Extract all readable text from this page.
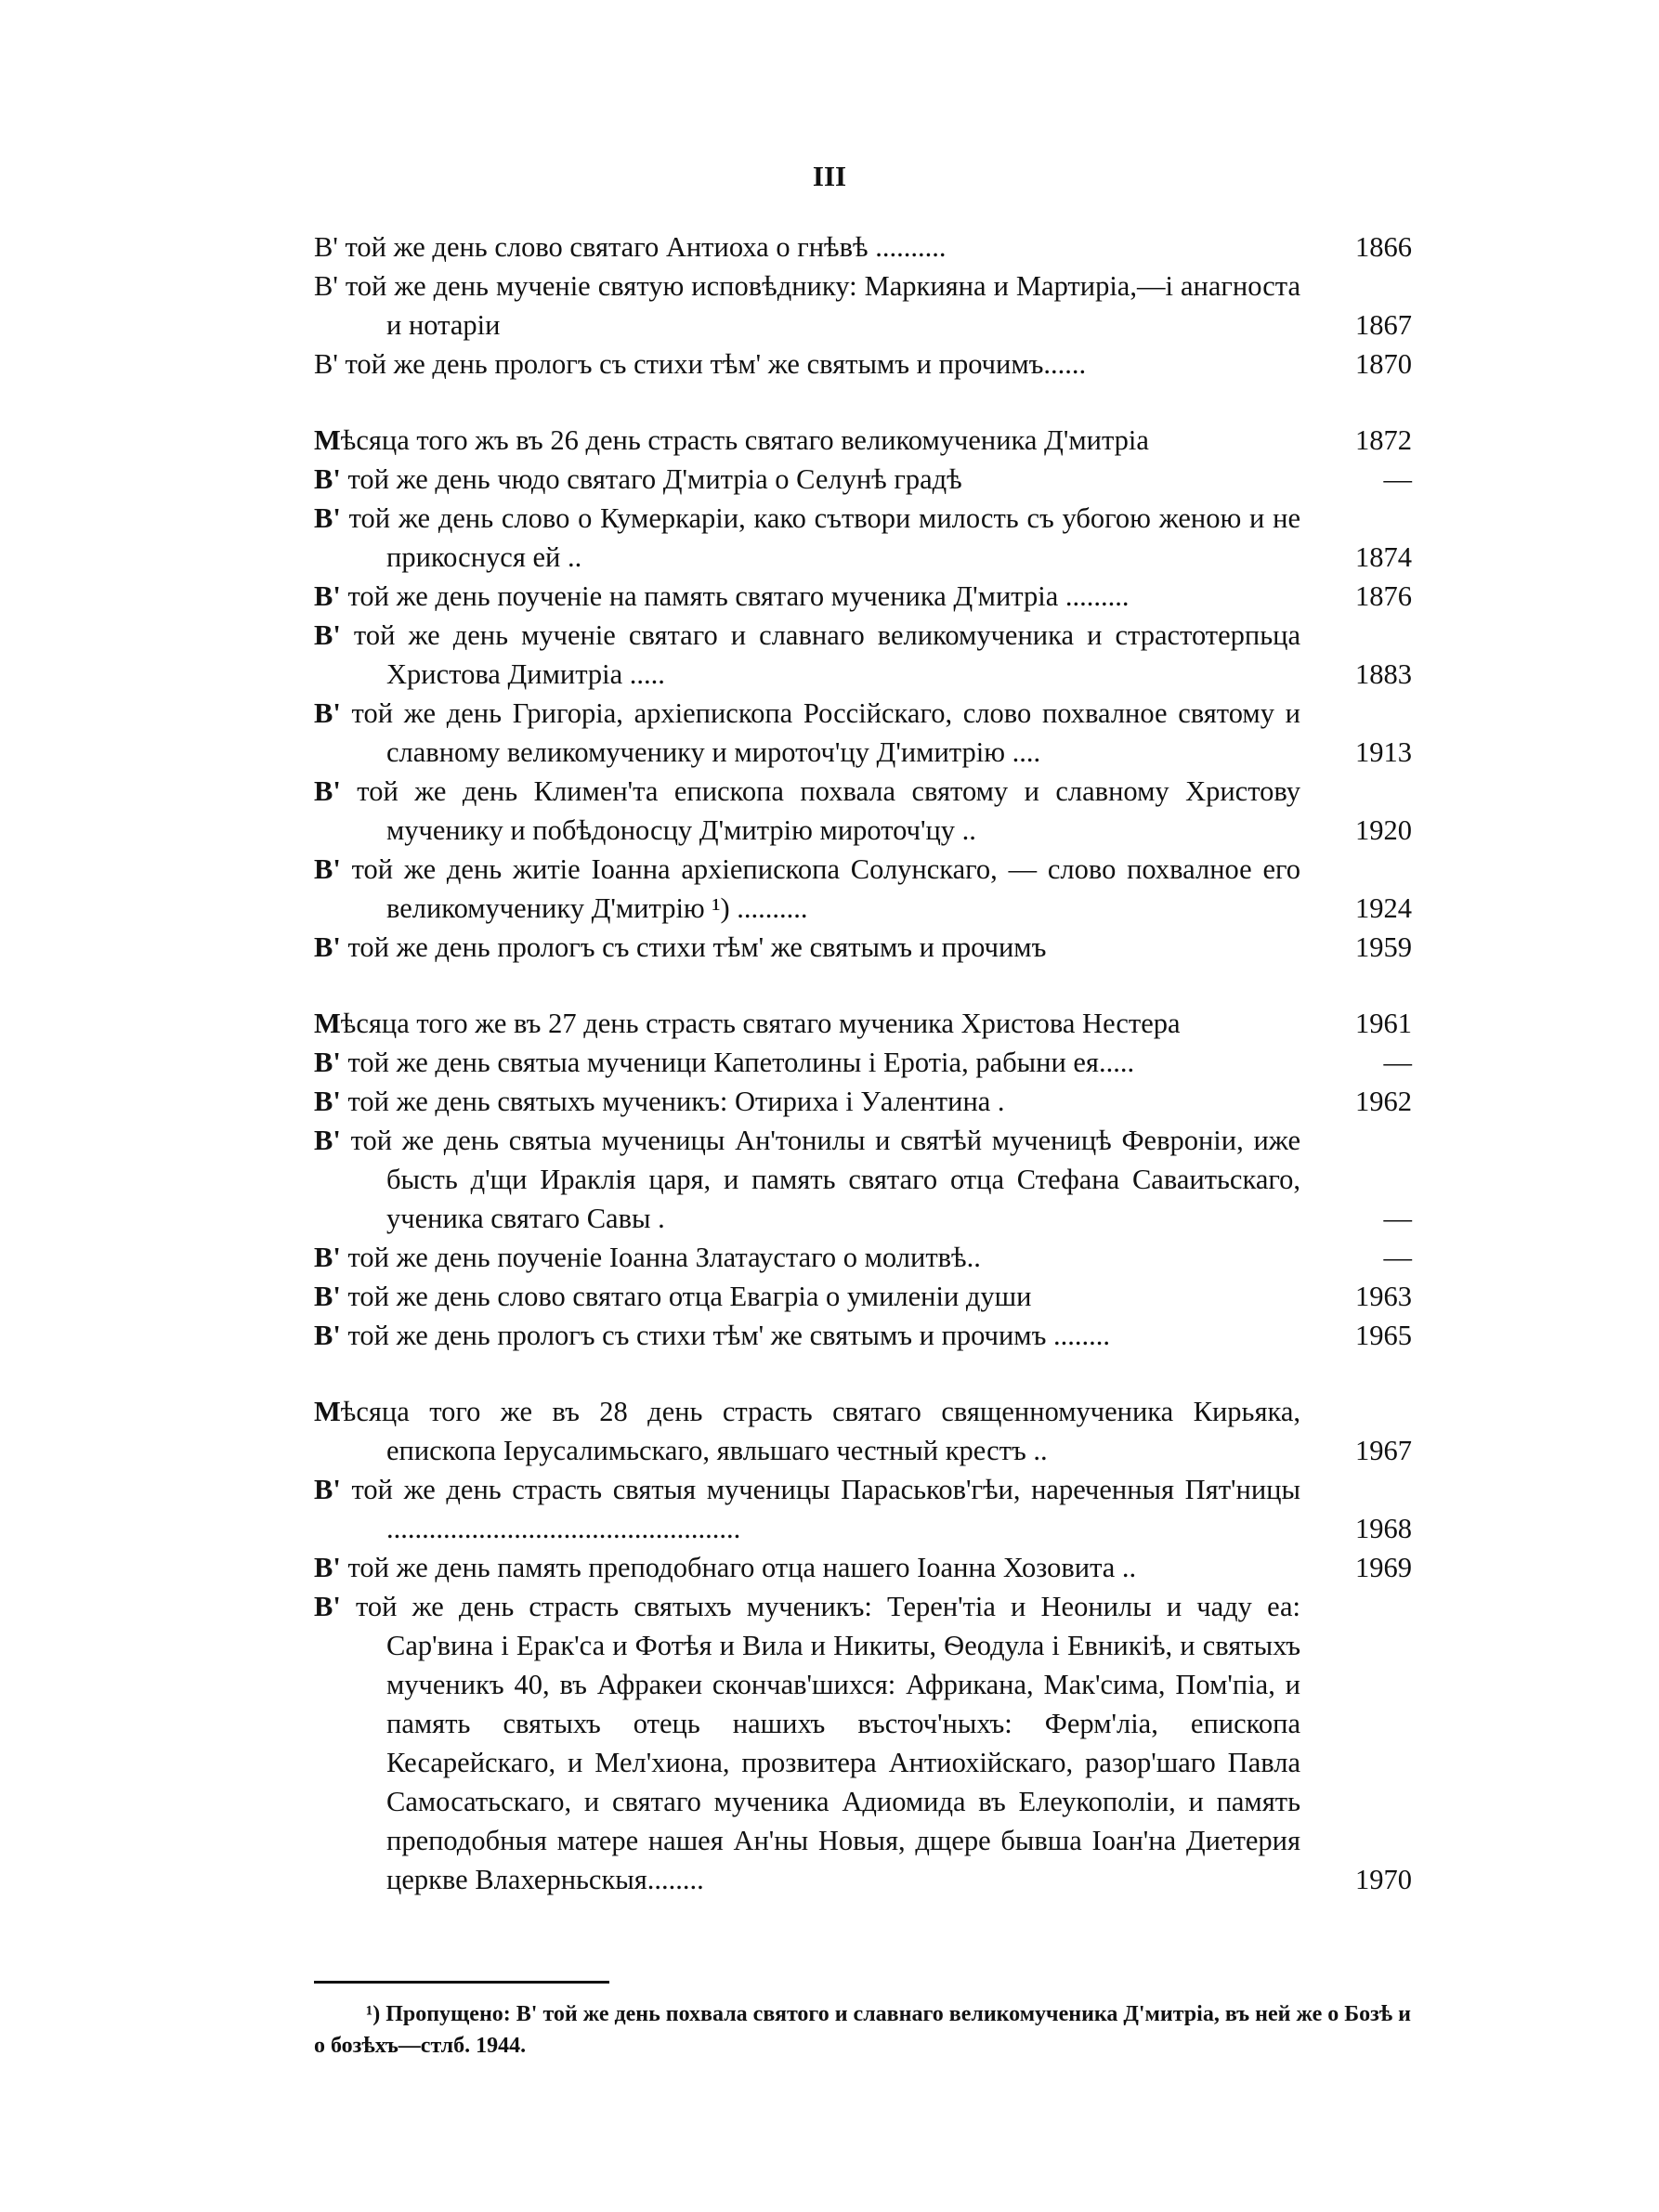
III
В' той же день слово святаго Антиоха о гнѣвѣ ..........	1866
В' той же день мученіе святую исповѣднику: Маркияна и Мартиріа,—і анагноста и нотарiи	1867
В' той же день прологъ съ стихи тѣм' же святымъ и прочимъ......	1870
Мѣсяца того жъ въ 26 день страсть святаго великомученика Д'митріа	1872
В' той же день чюдо святаго Д'митріа о Селунѣ градѣ	—
В' той же день слово о Кумеркаріи, како сътвори милость съ убогою женою и не прикоснуся ей ..	1874
В' той же день поученіе на память святаго мученика Д'митріа .........	1876
В' той же день мученіе святаго и славнаго великомученика и страстотерпьца Христова Димитріа .....	1883
В' той же день Григоріа, архіепископа Россійскаго, слово похвалное святому и славному великомученику и мироточ'цу Д'имитрію ....	1913
В' той же день Климен'та епископа похвала святому и славному Христову мученику и побѣдоносцу Д'митрію мироточ'цу ..	1920
В' той же день житіе Іоанна архіепископа Солунскаго, — слово похвалное его великомученику Д'митрію ¹) ..........	1924
В' той же день прологъ съ стихи тѣм' же святымъ и прочимъ	1959
Мѣсяца того же въ 27 день страсть святаго мученика Христова Нестера	1961
В' той же день святыа мученици Капетолины і Еротіа, рабыни ея.....	—
В' той же день святыхъ мученикъ: Отириха і Уалентина .	1962
В' той же день святыа мученицы Ан'тонилы и святѣй мученицѣ Февроніи, иже бысть д'щи Ираклія царя, и память святаго отца Стефана Саваитьскаго, ученика святаго Савы .	—
В' той же день поученіе Іоанна Златаустаго о молитвѣ..	—
В' той же день слово святаго отца Евагріа о умиленіи души	1963
В' той же день прологъ съ стихи тѣм' же святымъ и прочимъ ........	1965
Мѣсяца того же въ 28 день страсть святаго священномученика Кирьяка, епископа Іерусалимьскаго, явльшаго честный крестъ ..	1967
В' той же день страсть святыя мученицы Параськов'гѣи, нареченныя Пят'ницы ..................................................	1968
В' той же день память преподобнаго отца нашего Іоанна Хозовита ..	1969
В' той же день страсть святыхъ мученикъ: Терен'тіа и Неонилы и чаду еа: Сар'вина і Ерак'са и Фотѣя и Вила и Никиты, Ѳеодула і Евникіѣ, и святыхъ мученикъ 40, въ Афракеи скончав'шихся: Африкана, Мак'сима, Пом'піа, и память святыхъ отець нашихъ въсточ'ныхъ: Ферм'ліа, епископа Кесарейскаго, и Мел'хиона, прозвитера Антиохійскаго, разор'шаго Павла Самосатьскаго, и святаго мученика Адиомида въ Елеукополіи, и память преподобныя матере нашея Ан'ны Новыя, дщере бывша Іоан'на Диетерия церкве Влахерньскыя........	1970
¹) Пропущено: В' той же день похвала святого и славнаго великомученика Д'митріа, въ ней же о Бозѣ и о бозѣхъ—стлб. 1944.
